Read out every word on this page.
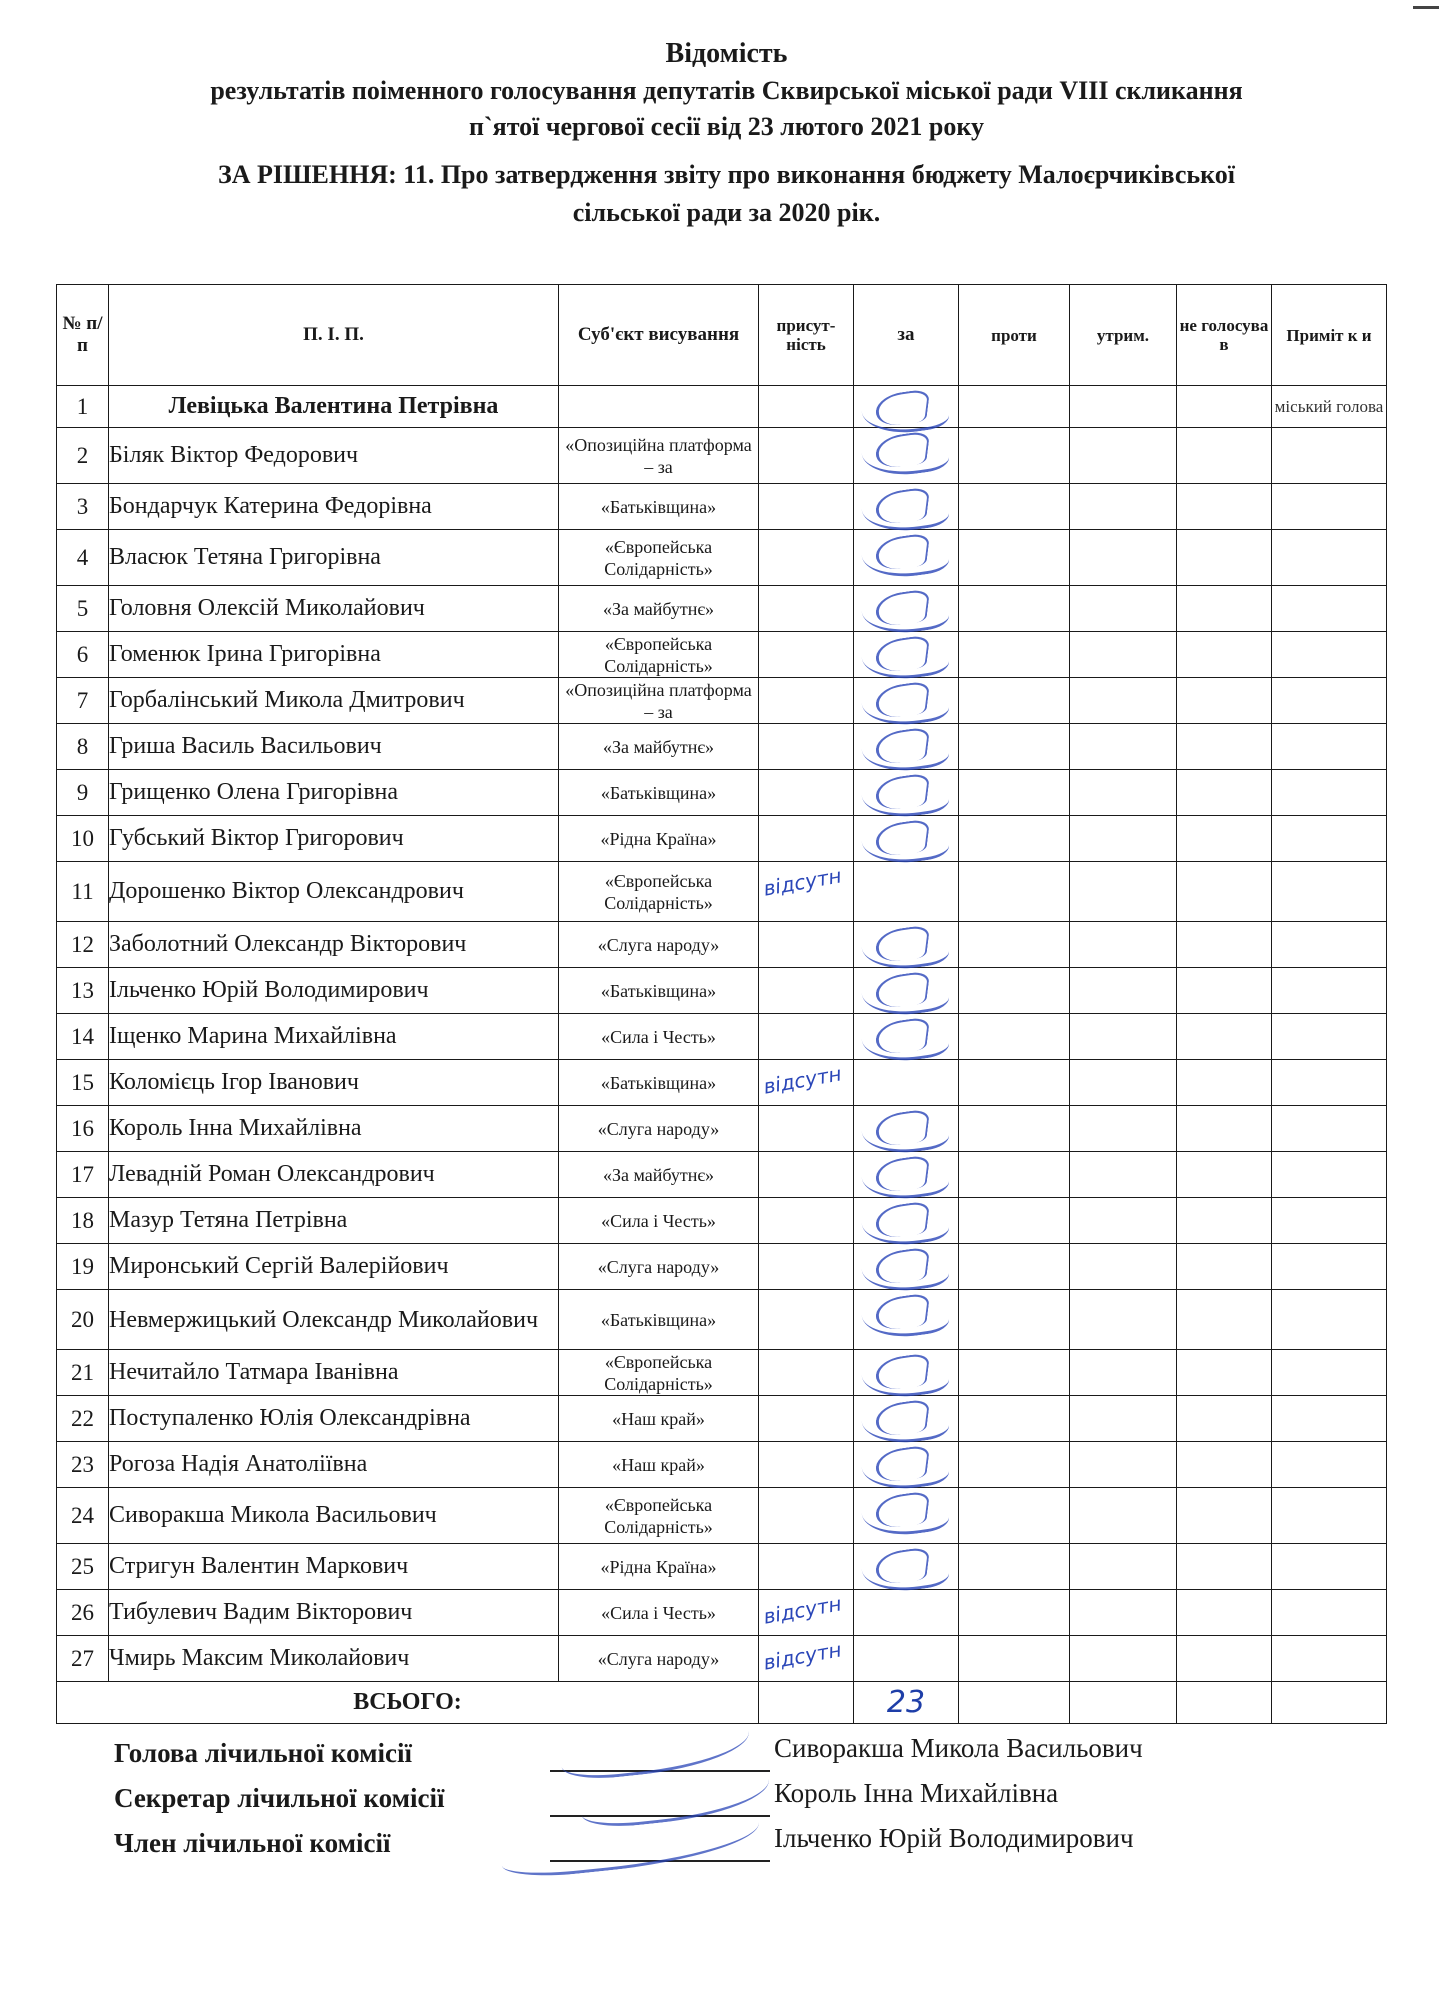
Відомість
результатів поіменного голосування депутатів Сквирської міської ради VIII скликання
п`ятої чергової сесії від 23 лютого 2021 року
ЗА РІШЕННЯ: 11. Про затвердження звіту про виконання бюджету Малоєрчиківської
сільської ради за 2020 рік.
№ п/п	П. І. П.	Суб'єкт висування	присут-ність	за	проти	утрим.	не голосува в	Приміт к и
1	Левіцька Валентина Петрівна							міський голова
2	Біляк Віктор Федорович	«Опозиційна платформа – за		

3	Бондарчук Катерина Федорівна	«Батьківщина»		

4	Власюк Тетяна Григорівна	«Європейська Солідарність»		

5	Головня Олексій Миколайович	«За майбутнє»		

6	Гоменюк Ірина Григорівна	«Європейська Солідарність»		

7	Горбалінський Микола Дмитрович	«Опозиційна платформа – за		

8	Гриша Василь Васильович	«За майбутнє»		

9	Грищенко Олена Григорівна	«Батьківщина»		

10	Губський Віктор Григорович	«Рідна Країна»		

11	Дорошенко Віктор Олександрович	«Європейська Солідарність»	відсутн					

12	Заболотний Олександр Вікторович	«Слуга народу»		

13	Ільченко Юрій Володимирович	«Батьківщина»		

14	Іщенко Марина Михайлівна	«Сила і Честь»		

15	Коломієць Ігор Іванович	«Батьківщина»	відсутн					

16	Король Інна Михайлівна	«Слуга народу»		

17	Левадній Роман Олександрович	«За майбутнє»		

18	Мазур Тетяна Петрівна	«Сила і Честь»		

19	Миронський Сергій Валерійович	«Слуга народу»		

20	Невмержицький Олександр Миколайович	«Батьківщина»		

21	Нечитайло Татмара Іванівна	«Європейська Солідарність»		

22	Поступаленко Юлія Олександрівна	«Наш край»		

23	Рогоза Надія Анатоліївна	«Наш край»		

24	Сиворакша Микола Васильович	«Європейська Солідарність»		

25	Стригун Валентин Маркович	«Рідна Країна»		

26	Тибулевич Вадим Вікторович	«Сила і Честь»	відсутн					

27	Чмирь Максим Миколайович	«Слуга народу»	відсутн					

ВСЬОГО:				23				
Голова лічильної комісії
Секретар лічильної комісії
Член лічильної комісії
Сиворакша Микола Васильович
Король Інна Михайлівна
Ільченко Юрій Володимирович
